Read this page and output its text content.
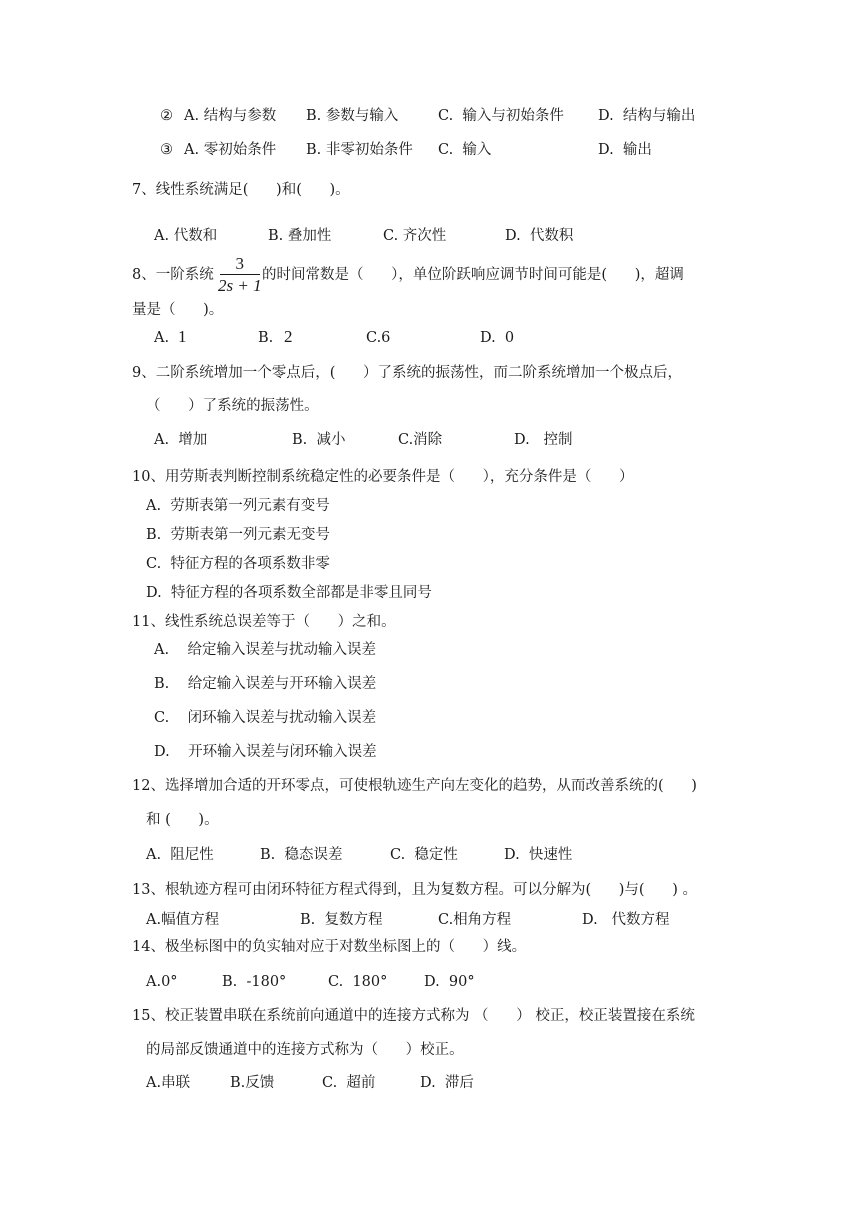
② A. 结构与参数 B. 参数与输入	C.  输入与初始条件 D.  结构与输出
③ A. 零初始条件 B. 非零初始条件 C.  输入	D.  输出
7、线性系统满足(      )和(      )。
A. 代数和	B. 叠加性	C. 齐次性	D.  代数积
8、一阶系统
3
2s + 1
的时间常数是（      ），单位阶跃响应调节时间可能是(      )，超调
量是（      )。
A. 1	B. 2	C.6	D.  0
9、二阶系统增加一个零点后，(      ）了系统的振荡性，而二阶系统增加一个极点后，
（      ）了系统的振荡性。
A.  增加	B.  减小	C.消除	D.   控制
10、用劳斯表判断控制系统稳定性的必要条件是（      ），充分条件是（      ）
A.  劳斯表第一列元素有变号
B.  劳斯表第一列元素无变号
C.  特征方程的各项系数非零
D.  特征方程的各项系数全部都是非零且同号
11、线性系统总误差等于（      ）之和。
A.    给定输入误差与扰动输入误差
B.    给定输入误差与开环输入误差
C.    闭环输入误差与扰动输入误差
D.    开环输入误差与闭环输入误差
12、选择增加合适的开环零点，可使根轨迹生产向左变化的趋势，从而改善系统的(      )
和 (      )。
A.  阻尼性	B.  稳态误差	C.  稳定性	D.  快速性
13、根轨迹方程可由闭环特征方程式得到，且为复数方程。可以分解为(      )与(      ) 。
A.幅值方程	B.  复数方程	C.相角方程	D.   代数方程
14、极坐标图中的负实轴对应于对数坐标图上的（      ）线。
A.0°	B.  -180°	C.  180°	D.  90°
15、校正装置串联在系统前向通道中的连接方式称为 （      ） 校正，校正装置接在系统
的局部反馈通道中的连接方式称为（      ）校正。
A.串联	B.反馈	C.  超前	D.  滞后
